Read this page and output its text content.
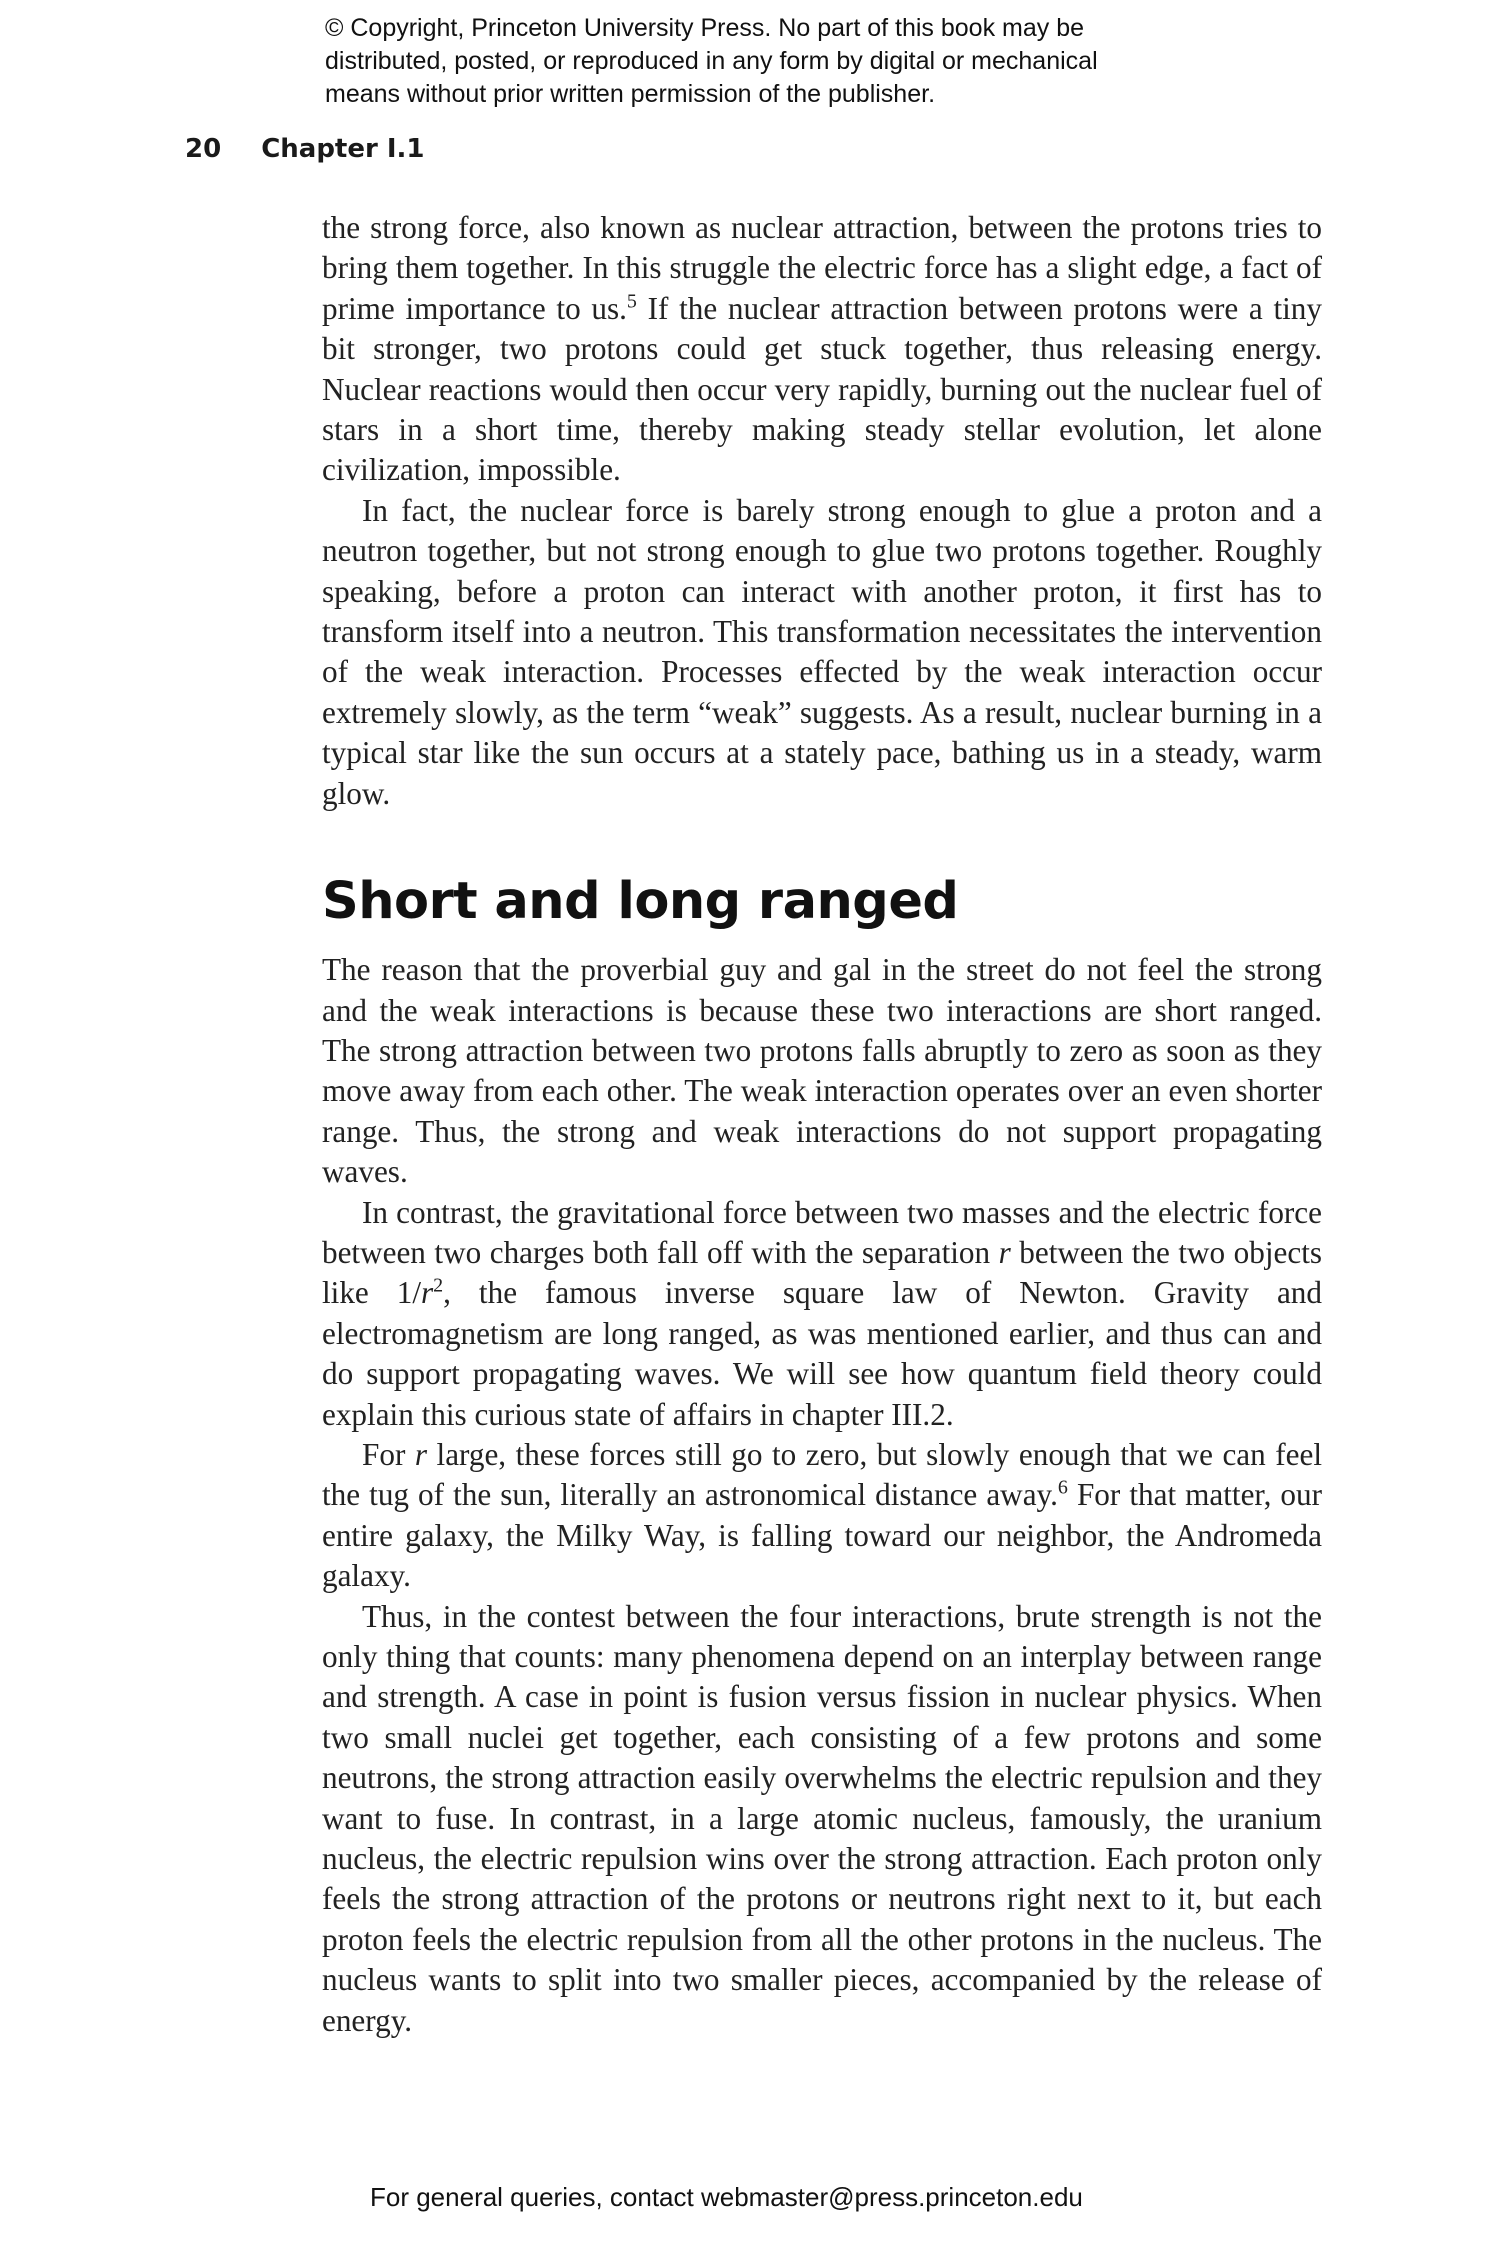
© Copyright, Princeton University Press. No part of this book may be
distributed, posted, or reproduced in any form by digital or mechanical
means without prior written permission of the publisher.
20 Chapter I.1

the strong force, also known as nuclear attraction, between the protons tries to bring them together. In this struggle the electric force has a slight edge, a fact of prime importance to us.$^5$ If the nuclear attraction between protons were a tiny bit stronger, two protons could get stuck together, thus releasing energy. Nuclear reactions would then occur very rapidly, burning out the nuclear fuel of stars in a short time, thereby making steady stellar evolution, let alone civilization, impossible.

In fact, the nuclear force is barely strong enough to glue a proton and a neutron together, but not strong enough to glue two protons together. Roughly speaking, before a proton can interact with another proton, it first has to transform itself into a neutron. This transformation necessitates the intervention of the weak interaction. Processes effected by the weak interaction occur extremely slowly, as the term “weak” suggests. As a result, nuclear burning in a typical star like the sun occurs at a stately pace, bathing us in a steady, warm glow.

Short and long ranged

The reason that the proverbial guy and gal in the street do not feel the strong and the weak interactions is because these two interactions are short ranged. The strong attraction between two protons falls abruptly to zero as soon as they move away from each other. The weak interaction operates over an even shorter range. Thus, the strong and weak interactions do not support propagating waves.

In contrast, the gravitational force between two masses and the electric force between two charges both fall off with the separation r between the two objects like $1/r^2$, the famous inverse square law of Newton. Gravity and electromagnetism are long ranged, as was mentioned earlier, and thus can and do support propagating waves. We will see how quantum field theory could explain this curious state of affairs in chapter III.2.

For r large, these forces still go to zero, but slowly enough that we can feel the tug of the sun, literally an astronomical distance away.$^6$ For that matter, our entire galaxy, the Milky Way, is falling toward our neighbor, the Andromeda galaxy.

Thus, in the contest between the four interactions, brute strength is not the only thing that counts: many phenomena depend on an interplay between range and strength. A case in point is fusion versus fission in nuclear physics. When two small nuclei get together, each consisting of a few protons and some neutrons, the strong attraction easily overwhelms the electric repulsion and they want to fuse. In contrast, in a large atomic nucleus, famously, the uranium nucleus, the electric repulsion wins over the strong attraction. Each proton only feels the strong attraction of the protons or neutrons right next to it, but each proton feels the electric repulsion from all the other protons in the nucleus. The nucleus wants to split into two smaller pieces, accompanied by the release of energy.

For general queries, contact webmaster@press.princeton.edu
